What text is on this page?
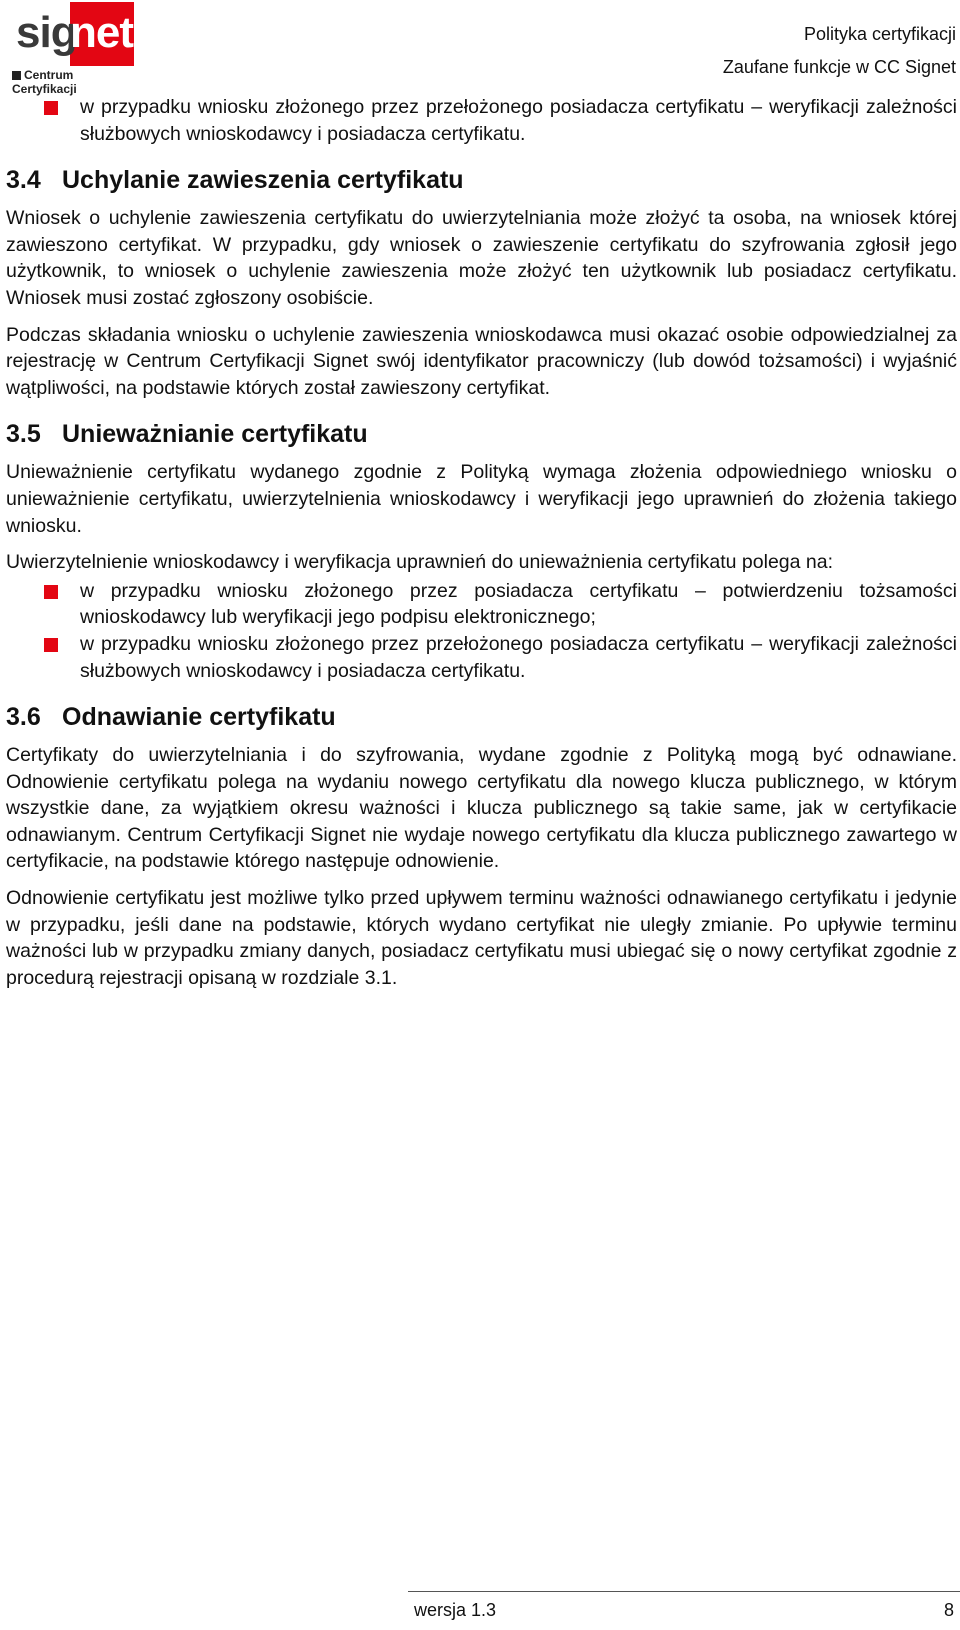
sig
net
Centrum Certyfikacji
Polityka certyfikacji
Zaufane funkcje w CC Signet
w przypadku wniosku złożonego przez przełożonego posiadacza certyfikatu – weryfikacji zależności służbowych wnioskodawcy i posiadacza certyfikatu.
3.4 Uchylanie zawieszenia certyfikatu

Wniosek o uchylenie zawieszenia certyfikatu do uwierzytelniania może złożyć ta osoba, na wniosek której zawieszono certyfikat. W przypadku, gdy wniosek o zawieszenie certyfikatu do szyfrowania zgłosił jego użytkownik, to wniosek o uchylenie zawieszenia może złożyć ten użytkownik lub posiadacz certyfikatu. Wniosek musi zostać zgłoszony osobiście.

Podczas składania wniosku o uchylenie zawieszenia wnioskodawca musi okazać osobie odpowiedzialnej za rejestrację w Centrum Certyfikacji Signet swój identyfikator pracowniczy (lub dowód tożsamości) i wyjaśnić wątpliwości, na podstawie których został zawieszony certyfikat.

3.5 Unieważnianie certyfikatu

Unieważnienie certyfikatu wydanego zgodnie z Polityką wymaga złożenia odpowiedniego wniosku o unieważnienie certyfikatu, uwierzytelnienia wnioskodawcy i weryfikacji jego uprawnień do złożenia takiego wniosku.

Uwierzytelnienie wnioskodawcy i weryfikacja uprawnień do unieważnienia certyfikatu polega na:

w przypadku wniosku złożonego przez posiadacza certyfikatu – potwierdzeniu tożsamości wnioskodawcy lub weryfikacji jego podpisu elektronicznego;
w przypadku wniosku złożonego przez przełożonego posiadacza certyfikatu – weryfikacji zależności służbowych wnioskodawcy i posiadacza certyfikatu.
3.6 Odnawianie certyfikatu

Certyfikaty do uwierzytelniania i do szyfrowania, wydane zgodnie z Polityką mogą być odnawiane. Odnowienie certyfikatu polega na wydaniu nowego certyfikatu dla nowego klucza publicznego, w którym wszystkie dane, za wyjątkiem okresu ważności i klucza publicznego są takie same, jak w certyfikacie odnawianym. Centrum Certyfikacji Signet nie wydaje nowego certyfikatu dla klucza publicznego zawartego w certyfikacie, na podstawie którego następuje odnowienie.

Odnowienie certyfikatu jest możliwe tylko przed upływem terminu ważności odnawianego certyfikatu i jedynie w przypadku, jeśli dane na podstawie, których wydano certyfikat nie uległy zmianie. Po upływie terminu ważności lub w przypadku zmiany danych, posiadacz certyfikatu musi ubiegać się o nowy certyfikat zgodnie z procedurą rejestracji opisaną w rozdziale 3.1.

wersja 1.3	8
